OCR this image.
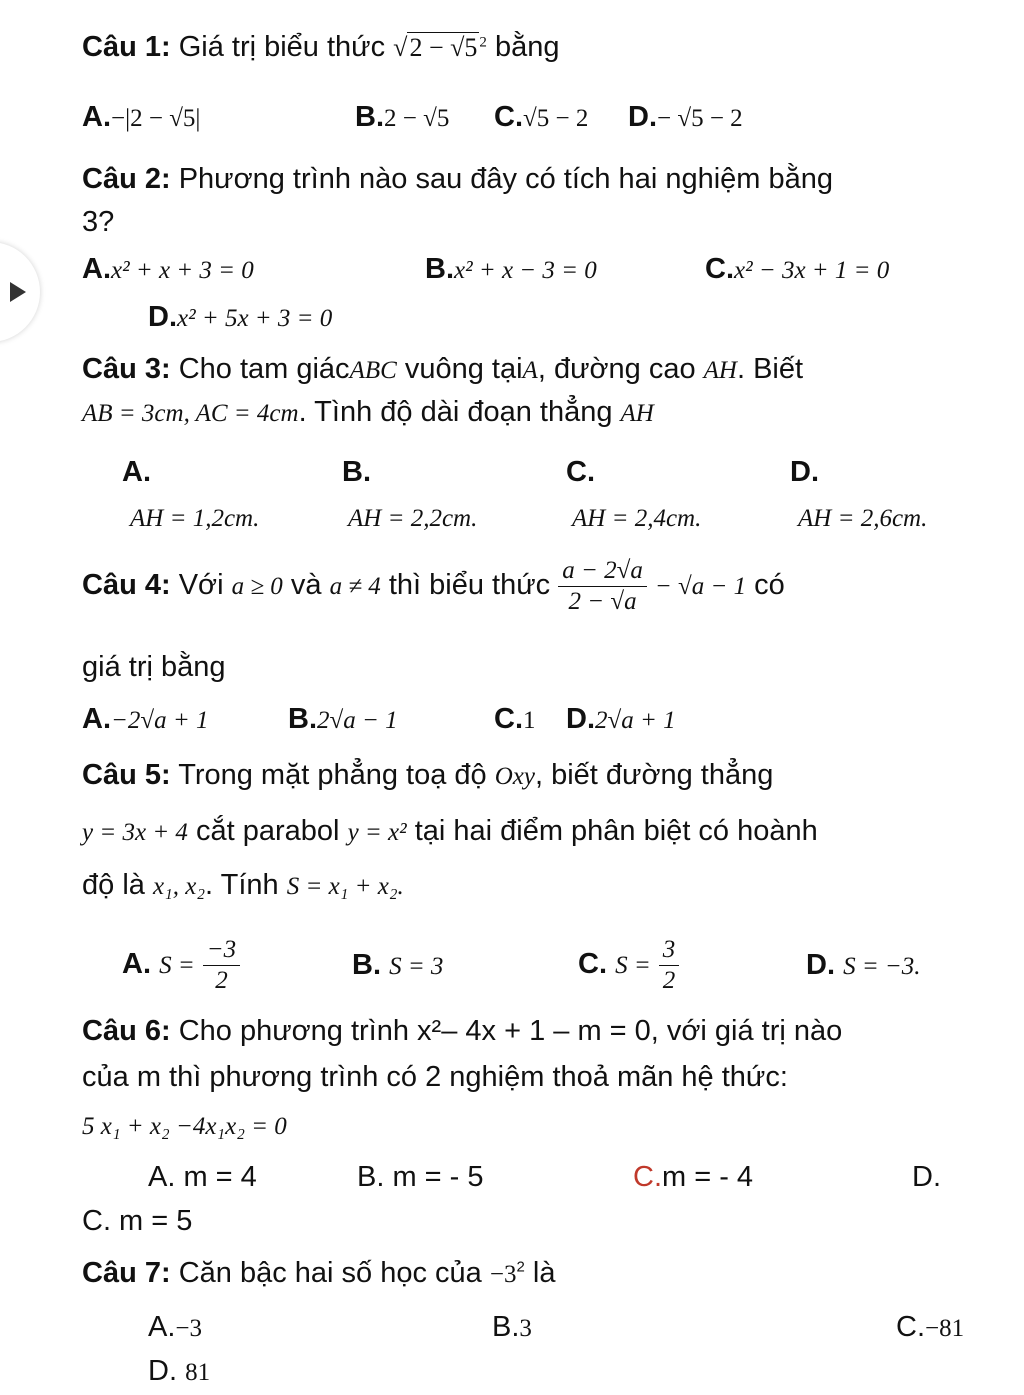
Câu 1: Giá trị biểu thức √2 − √5 $^2$ bằng
A.−|2 − √5|	B.2 − √5 C.√5 − 2 D.− √5 − 2
Câu 2: Phương trình nào sau đây có tích hai nghiệm bằng
3?
A.x² + x + 3 = 0	B.x² + x − 3 = 0	C.x² − 3x + 1 = 0
D.x² + 5x + 3 = 0
Câu 3: Cho tam giácABC vuông tạiA, đường cao AH. Biết
AB = 3cm, AC = 4cm. Tình độ dài đoạn thẳng AH
A.	B.	C.	D.
AH = 1,2cm.	AH = 2,2cm.	AH = 2,4cm.	AH = 2,6cm.
Câu 4: Với a ≥ 0 và a ≠ 4 thì biểu thức $\frac{a - 2√a}{2 - √a} - √a - 1$ có
giá trị bằng
A.−2√a + 1	B.2√a − 1	C.1 D.2√a + 1
Câu 5: Trong mặt phẳng toạ độ Oxy, biết đường thẳng
y = 3x + 4 cắt parabol y = x² tại hai điểm phân biệt có hoành
độ là x₁, x₂. Tính S = x₁ + x₂.
A. $S = \frac{-3}{2}$	B. S = 3	C. $S = \frac{3}{2}$	D. S = −3.
Câu 6: Cho phương trình x²– 4x + 1 – m = 0, với giá trị nào
của m thì phương trình có 2 nghiệm thoả mãn hệ thức:
5 x₁ + x₂ −4x₁x₂ = 0
A. m = 4	B. m = - 5	C.m = - 4	D.
C. m = 5
Câu 7: Căn bậc hai số học của $-3^2$ là
A.−3	B.3	C.−81
D. 81
